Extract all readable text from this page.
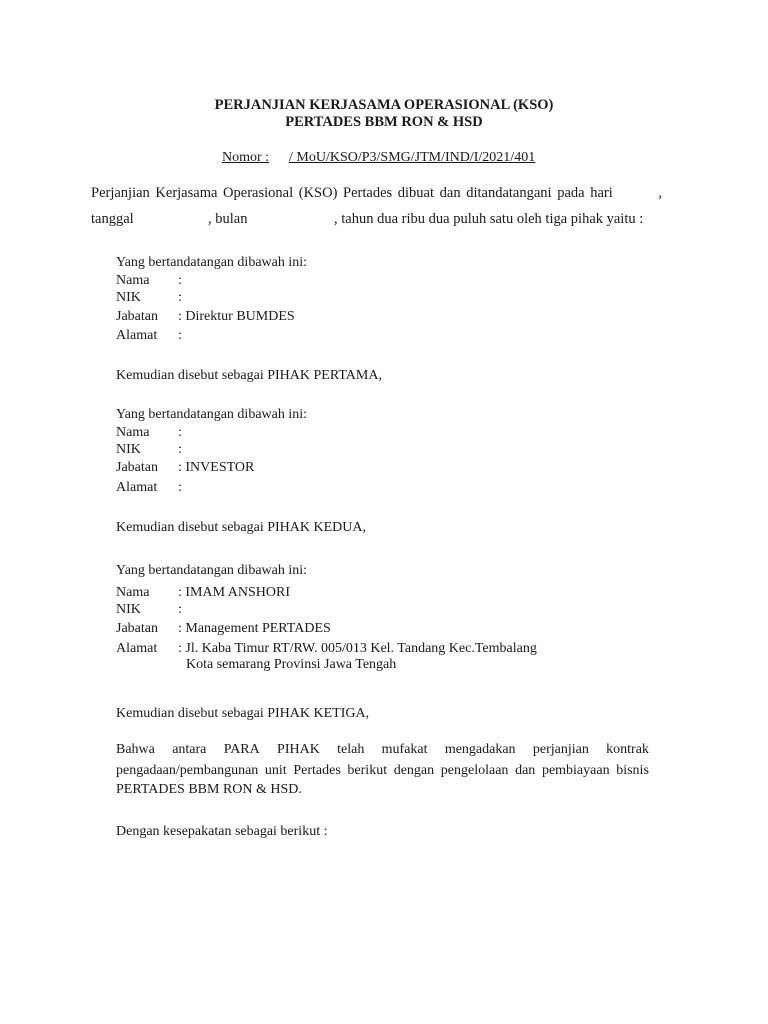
PERJANJIAN KERJASAMA OPERASIONAL (KSO)
PERTADES BBM RON & HSD
Nomor : / MoU/KSO/P3/SMG/JTM/IND/I/2021/401
Perjanjian Kerjasama Operasional (KSO) Pertades dibuat dan ditandatangani pada hari	,
tanggal	, bulan	, tahun dua ribu dua puluh satu oleh tiga pihak yaitu :
Yang bertandatangan dibawah ini:
Nama :
NIK	:
Jabatan : Direktur BUMDES
Alamat :
Kemudian disebut sebagai PIHAK PERTAMA,
Yang bertandatangan dibawah ini:
Nama :
NIK	:
Jabatan : INVESTOR
Alamat :
Kemudian disebut sebagai PIHAK KEDUA,
Yang bertandatangan dibawah ini:
Nama : IMAM ANSHORI
NIK	:
Jabatan : Management PERTADES
Alamat : Jl. Kaba Timur RT/RW. 005/013 Kel. Tandang Kec.Tembalang
Kota semarang Provinsi Jawa Tengah
Kemudian disebut sebagai PIHAK KETIGA,
Bahwa antara PARA PIHAK telah mufakat mengadakan perjanjian kontrak
pengadaan/pembangunan unit Pertades berikut dengan pengelolaan dan pembiayaan bisnis
PERTADES BBM RON & HSD.
Dengan kesepakatan sebagai berikut :
